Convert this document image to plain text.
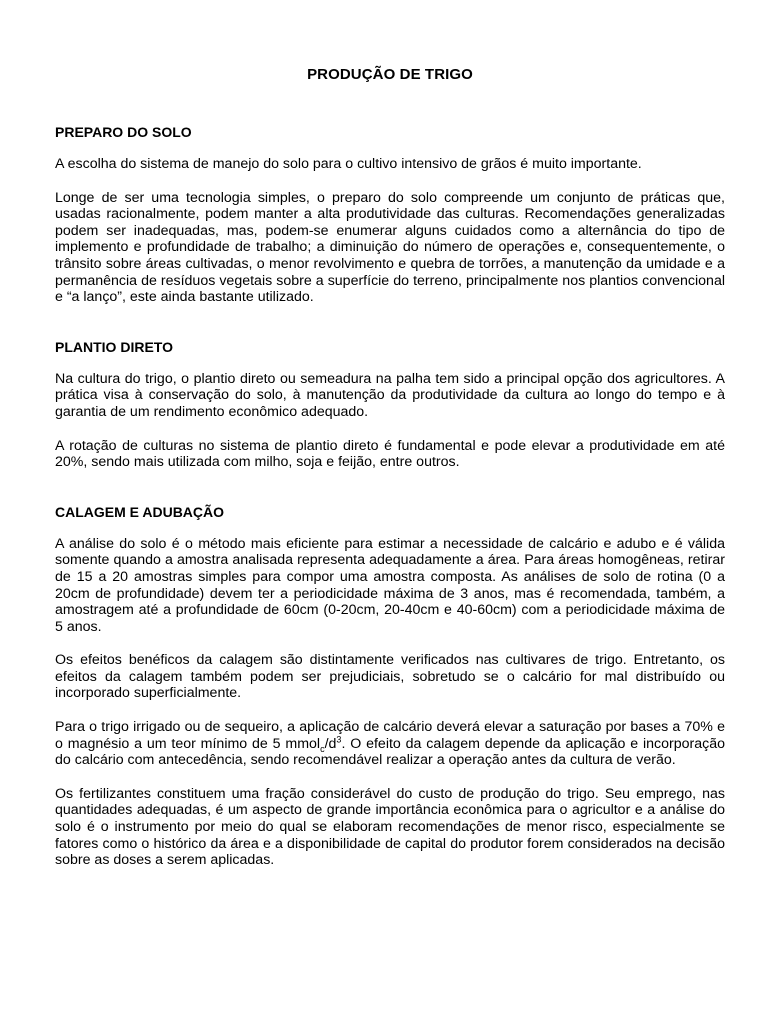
PRODUÇÃO DE TRIGO
PREPARO DO SOLO

A escolha do sistema de manejo do solo para o cultivo intensivo de grãos é muito importante.

Longe de ser uma tecnologia simples, o preparo do solo compreende um conjunto de práticas que, usadas racionalmente, podem manter a alta produtividade das culturas. Recomendações generalizadas podem ser inadequadas, mas, podem-se enumerar alguns cuidados como a alternância do tipo de implemento e profundidade de trabalho; a diminuição do número de operações e, consequentemente, o trânsito sobre áreas cultivadas, o menor revolvimento e quebra de torrões, a manutenção da umidade e a permanência de resíduos vegetais sobre a superfície do terreno, principalmente nos plantios convencional e “a lanço”, este ainda bastante utilizado.

PLANTIO DIRETO

Na cultura do trigo, o plantio direto ou semeadura na palha tem sido a principal opção dos agricultores. A prática visa à conservação do solo, à manutenção da produtividade da cultura ao longo do tempo e à garantia de um rendimento econômico adequado.

A rotação de culturas no sistema de plantio direto é fundamental e pode elevar a produtividade em até 20%, sendo mais utilizada com milho, soja e feijão, entre outros.

CALAGEM E ADUBAÇÃO

A análise do solo é o método mais eficiente para estimar a necessidade de calcário e adubo e é válida somente quando a amostra analisada representa adequadamente a área. Para áreas homogêneas, retirar de 15 a 20 amostras simples para compor uma amostra composta. As análises de solo de rotina (0 a 20cm de profundidade) devem ter a periodicidade máxima de 3 anos, mas é recomendada, também, a amostragem até a profundidade de 60cm (0-20cm, 20-40cm e 40-60cm) com a periodicidade máxima de 5 anos.

Os efeitos benéficos da calagem são distintamente verificados nas cultivares de trigo. Entretanto, os efeitos da calagem também podem ser prejudiciais, sobretudo se o calcário for mal distribuído ou incorporado superficialmente.

Para o trigo irrigado ou de sequeiro, a aplicação de calcário deverá elevar a saturação por bases a 70% e o magnésio a um teor mínimo de 5 $mmol_c/d^3$. O efeito da calagem depende da aplicação e incorporação do calcário com antecedência, sendo recomendável realizar a operação antes da cultura de verão.

Os fertilizantes constituem uma fração considerável do custo de produção do trigo. Seu emprego, nas quantidades adequadas, é um aspecto de grande importância econômica para o agricultor e a análise do solo é o instrumento por meio do qual se elaboram recomendações de menor risco, especialmente se fatores como o histórico da área e a disponibilidade de capital do produtor forem considerados na decisão sobre as doses a serem aplicadas.
